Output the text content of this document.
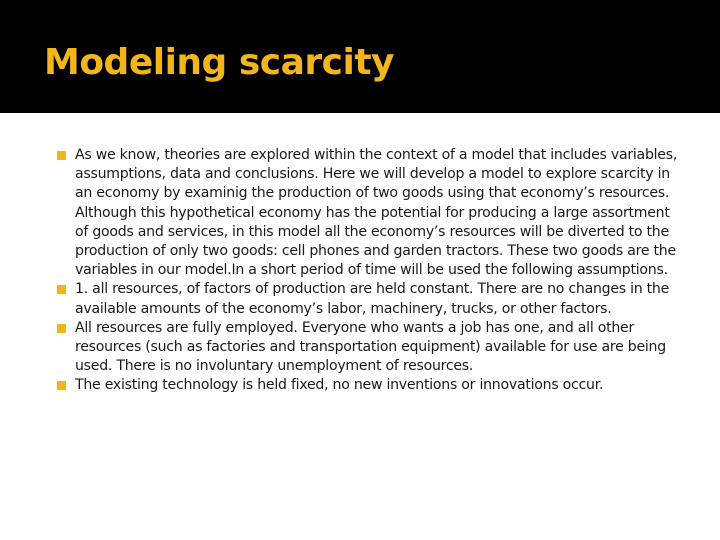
Modeling scarcity
As we know, theories are explored within the context of a model that includes variables, assumptions, data and conclusions. Here we will develop a model to explore scarcity in an economy by examinig the production of two goods using that economy’s resources. Although this hypothetical economy has the potential for producing a large assortment of goods and services, in this model all the economy’s resources will be diverted to the production of only two goods: cell phones and garden tractors. These two goods are the variables in our model.In a short period of time will be used the following assumptions.
1. all resources, of factors of production are held constant. There are no changes in the available amounts of the economy’s labor, machinery, trucks, or other factors.
All resources are fully employed. Everyone who wants a job has one, and all other resources (such as factories and transportation equipment) available for use are being used. There is no involuntary unemployment of resources.
The existing technology is held fixed, no new inventions or innovations occur.
